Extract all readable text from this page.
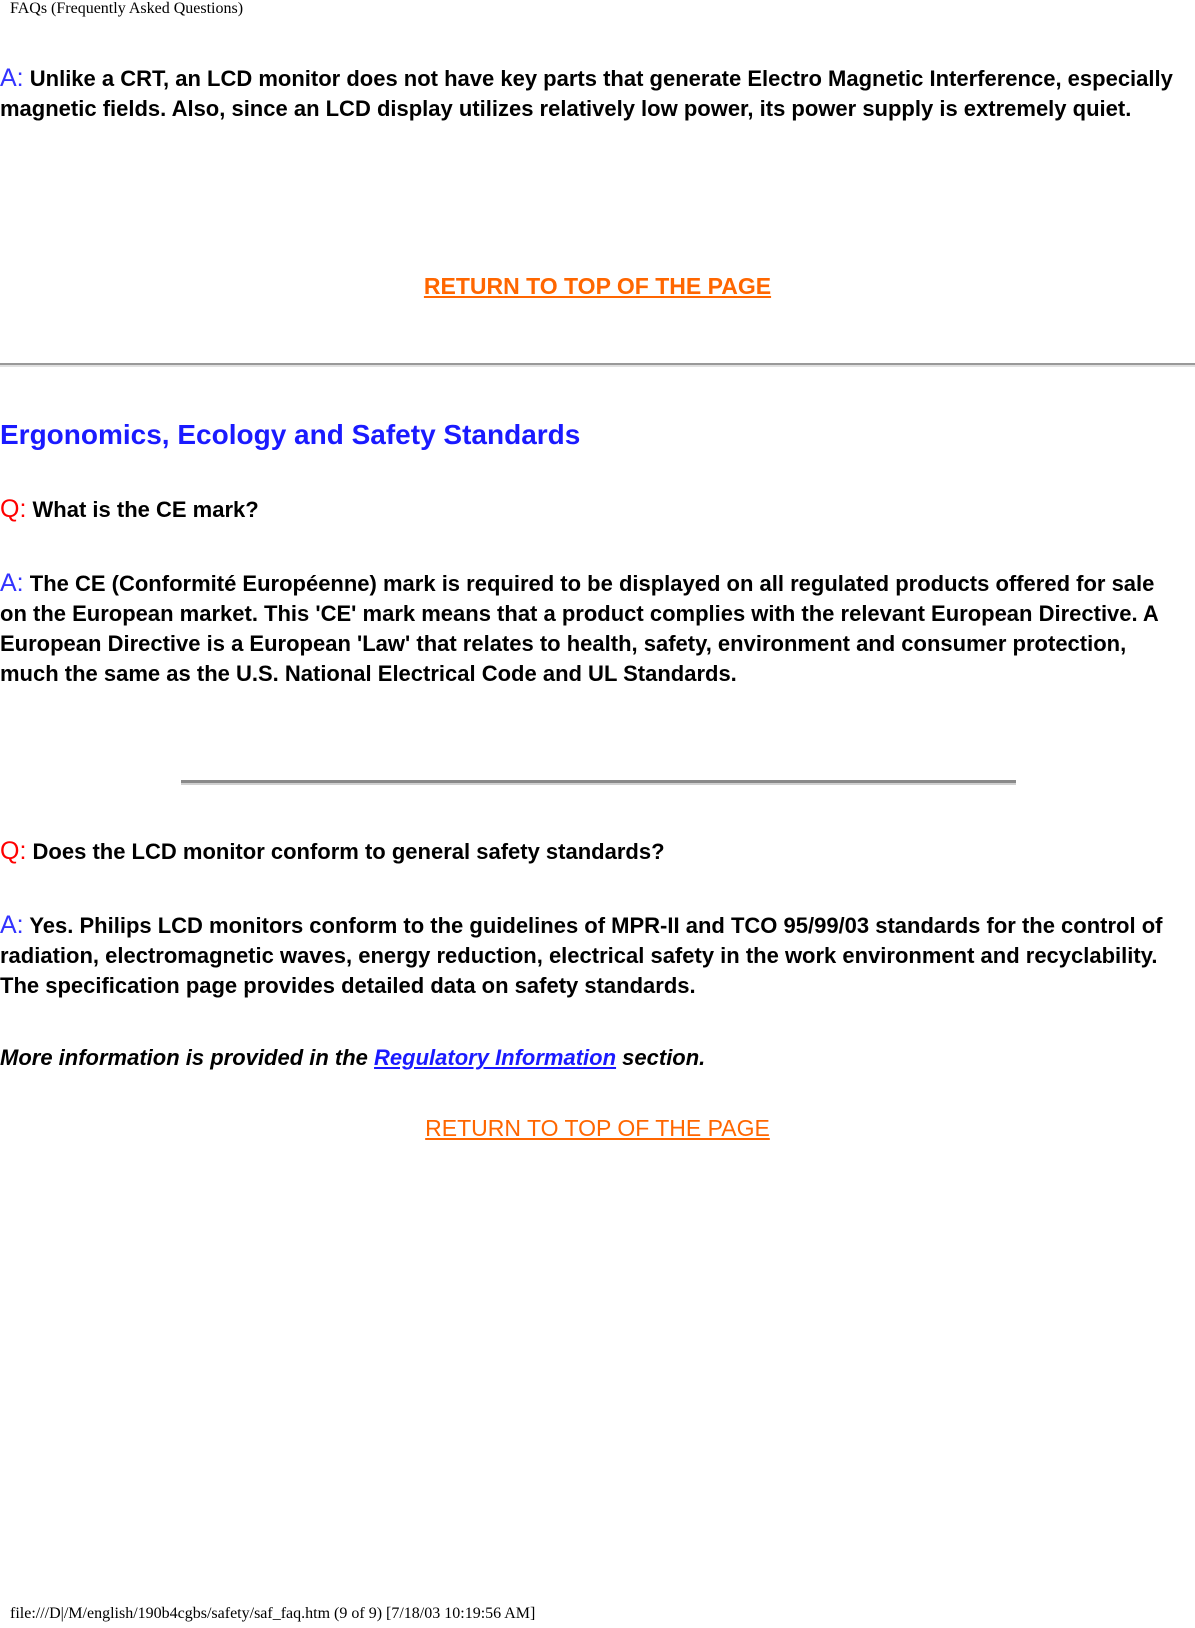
FAQs (Frequently Asked Questions)

A: Unlike a CRT, an LCD monitor does not have key parts that generate Electro Magnetic Interference, especially magnetic fields. Also, since an LCD display utilizes relatively low power, its power supply is extremely quiet.

RETURN TO TOP OF THE PAGE
Ergonomics, Ecology and Safety Standards

Q: What is the CE mark?

A: The CE (Conformité Européenne) mark is required to be displayed on all regulated products offered for sale on the European market. This 'CE' mark means that a product complies with the relevant European Directive. A European Directive is a European 'Law' that relates to health, safety, environment and consumer protection, much the same as the U.S. National Electrical Code and UL Standards.

Q: Does the LCD monitor conform to general safety standards?

A: Yes. Philips LCD monitors conform to the guidelines of MPR-II and TCO 95/99/03 standards for the control of radiation, electromagnetic waves, energy reduction, electrical safety in the work environment and recyclability. The specification page provides detailed data on safety standards.

More information is provided in the Regulatory Information section.
RETURN TO TOP OF THE PAGE
file:///D|/M/english/190b4cgbs/safety/saf_faq.htm (9 of 9) [7/18/03 10:19:56 AM]
